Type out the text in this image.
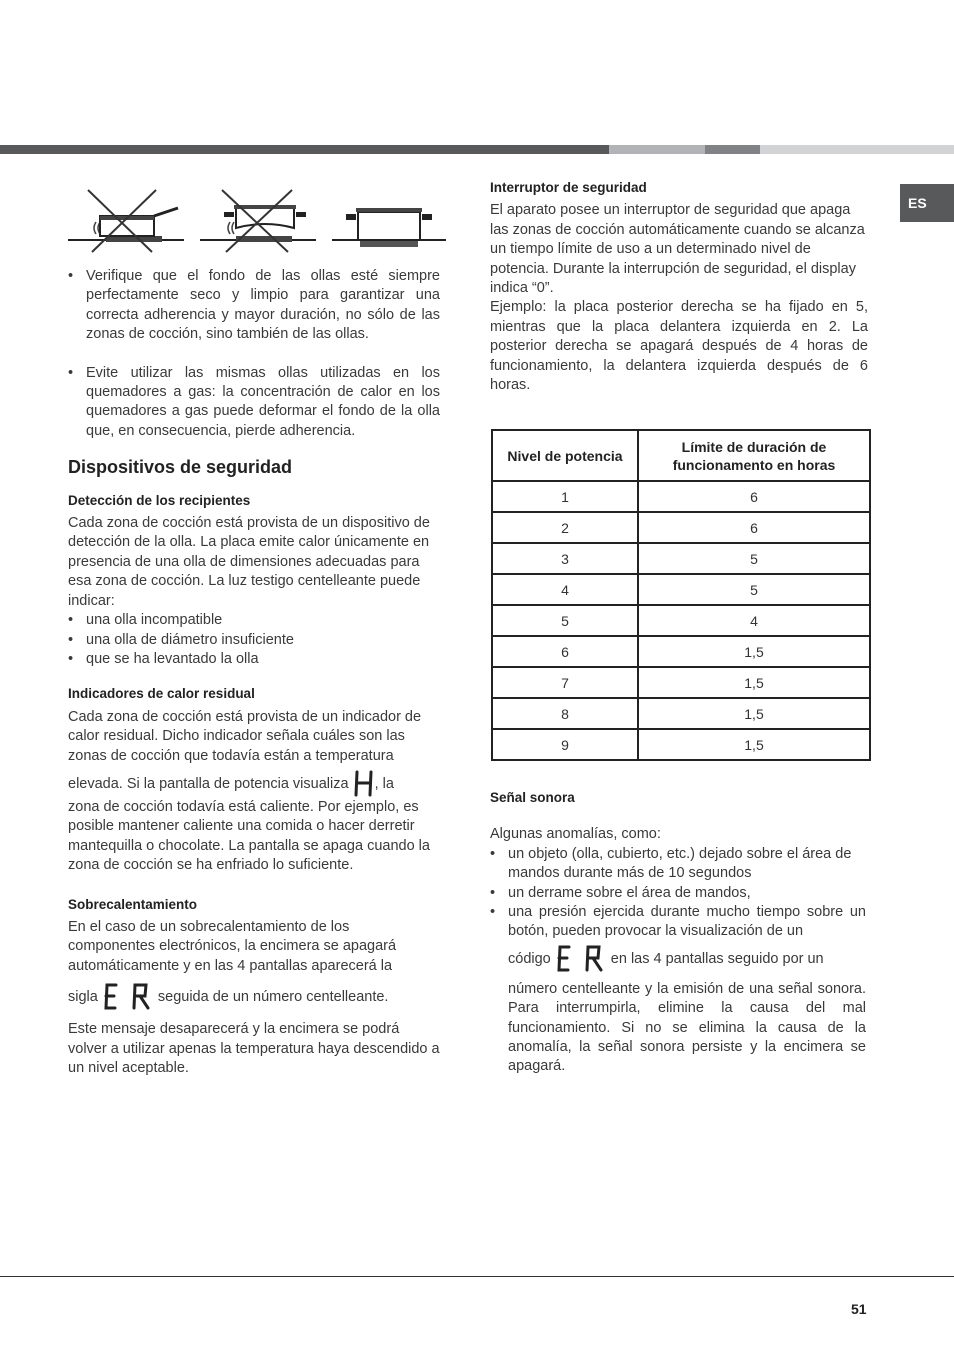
ES

• Verifique que el fondo de las ollas esté siempre perfectamente seco y limpio para garantizar una correcta adherencia y mayor duración, no sólo de las zonas de cocción, sino también de las ollas.

• Evite utilizar las mismas ollas utilizadas en los quemadores a gas: la concentración de calor en los quemadores a gas puede deformar el fondo de la olla que, en consecuencia, pierde adherencia.

Dispositivos de seguridad

Detección de los recipientes

Cada zona de cocción está provista de un dispositivo de detección de la olla. La placa emite calor únicamente en presencia de una olla de dimensiones adecuadas para esa zona de cocción. La luz testigo centelleante puede indicar:

• una olla incompatible

• una olla de diámetro insuficiente

• que se ha levantado la olla

Indicadores de calor residual

Cada zona de cocción está provista de un indicador de calor residual. Dicho indicador señala cuáles son las zonas de cocción que todavía están a temperatura

elevada. Si la pantalla de potencia visualiza , la

zona de cocción todavía está caliente. Por ejemplo, es posible mantener caliente una comida o hacer derretir mantequilla o chocolate. La pantalla se apaga cuando la zona de cocción se ha enfriado lo suficiente.

Sobrecalentamiento

En el caso de un sobrecalentamiento de los componentes electrónicos, la encimera se apagará automáticamente y en las 4 pantallas aparecerá la

sigla	seguida de un número centelleante.

Este mensaje desaparecerá y la encimera se podrá volver a utilizar apenas la temperatura haya descendido a un nivel aceptable.

Interruptor de seguridad

El aparato posee un interruptor de seguridad que apaga las zonas de cocción automáticamente cuando se alcanza un tiempo límite de uso a un determinado nivel de potencia. Durante la interrupción de seguridad, el display indica “0”.

Ejemplo: la placa posterior derecha se ha fijado en 5, mientras que la placa delantera izquierda en 2. La posterior derecha se apagará después de 4 horas de funcionamiento, la delantera izquierda después de 6 horas.

Nivel de potencia	Límite de duración de funcionamento en horas
1	6
2	6
3	5
4	5
5	4
6	1,5
7	1,5
8	1,5
9	1,5

Señal sonora

Algunas anomalías, como:

• un objeto (olla, cubierto, etc.) dejado sobre el área de mandos durante más de 10 segundos

• un derrame sobre el área de mandos,

• una presión ejercida durante mucho tiempo sobre un botón, pueden provocar la visualización de un

código	en las 4 pantallas seguido por un

número centelleante y la emisión de una señal sonora. Para interrumpirla, elimine la causa del mal funcionamiento. Si no se elimina la causa de la anomalía, la señal sonora persiste y la encimera se apagará.

51
